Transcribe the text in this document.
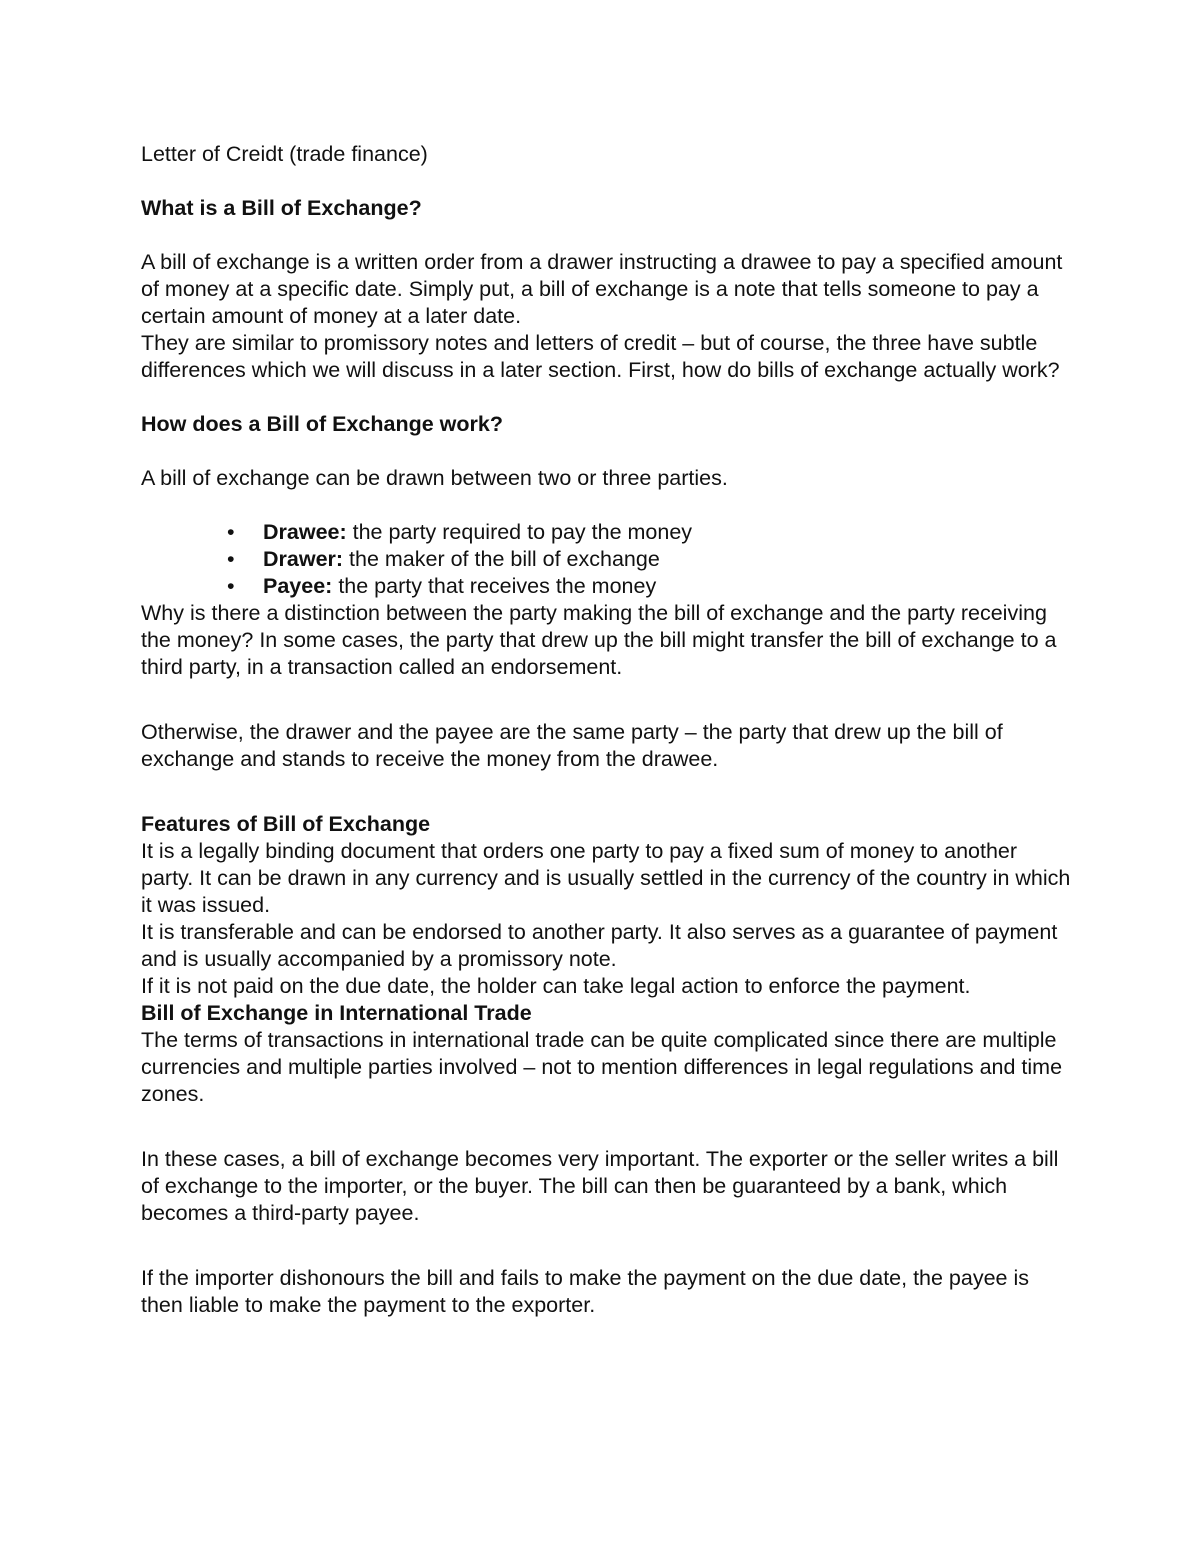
Letter of Creidt (trade finance)

What is a Bill of Exchange?

A bill of exchange is a written order from a drawer instructing a drawee to pay a specified amount of money at a specific date. Simply put, a bill of exchange is a note that tells someone to pay a certain amount of money at a later date.

They are similar to promissory notes and letters of credit – but of course, the three have subtle differences which we will discuss in a later section. First, how do bills of exchange actually work?

How does a Bill of Exchange work?

A bill of exchange can be drawn between two or three parties.

• Drawee: the party required to pay the money
• Drawer: the maker of the bill of exchange
• Payee: the party that receives the money

Why is there a distinction between the party making the bill of exchange and the party receiving the money? In some cases, the party that drew up the bill might transfer the bill of exchange to a third party, in a transaction called an endorsement.

Otherwise, the drawer and the payee are the same party – the party that drew up the bill of exchange and stands to receive the money from the drawee.

Features of Bill of Exchange

It is a legally binding document that orders one party to pay a fixed sum of money to another party. It can be drawn in any currency and is usually settled in the currency of the country in which it was issued.

It is transferable and can be endorsed to another party. It also serves as a guarantee of payment and is usually accompanied by a promissory note.

If it is not paid on the due date, the holder can take legal action to enforce the payment.

Bill of Exchange in International Trade

The terms of transactions in international trade can be quite complicated since there are multiple currencies and multiple parties involved – not to mention differences in legal regulations and time zones.

In these cases, a bill of exchange becomes very important. The exporter or the seller writes a bill of exchange to the importer, or the buyer. The bill can then be guaranteed by a bank, which becomes a third-party payee.

If the importer dishonours the bill and fails to make the payment on the due date, the payee is then liable to make the payment to the exporter.
